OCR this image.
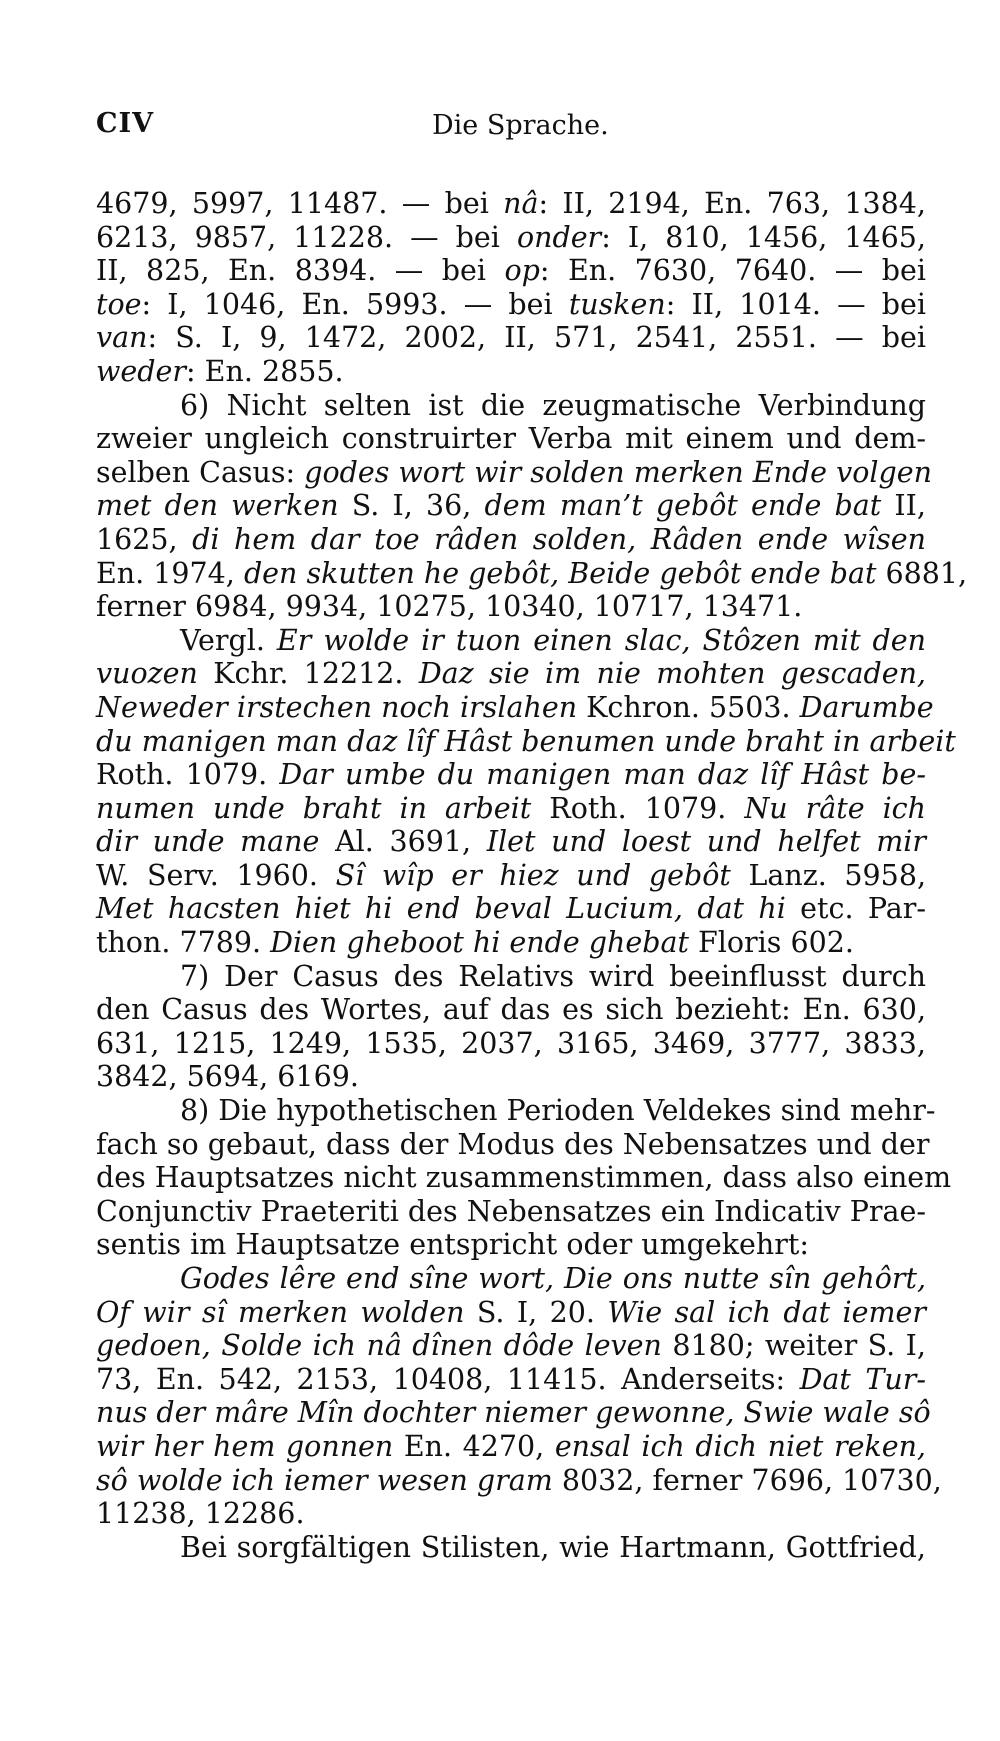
CIV	Die Sprache.
4679, 5997, 11487. — bei nâ: II, 2194, En. 763, 1384,
6213, 9857, 11228. — bei onder: I, 810, 1456, 1465,
II, 825, En. 8394. — bei op: En. 7630, 7640. — bei
toe: I, 1046, En. 5993. — bei tusken: II, 1014. — bei
van: S. I, 9, 1472, 2002, II, 571, 2541, 2551. — bei
weder: En. 2855.
6) Nicht selten ist die zeugmatische Verbindung
zweier ungleich construirter Verba mit einem und dem-
selben Casus: godes wort wir solden merken Ende volgen
met den werken S. I, 36, dem man’t gebôt ende bat II,
1625, di hem dar toe râden solden, Râden ende wîsen
En. 1974, den skutten he gebôt, Beide gebôt ende bat 6881,
ferner 6984, 9934, 10275, 10340, 10717, 13471.
Vergl. Er wolde ir tuon einen slac, Stôzen mit den
vuozen Kchr. 12212. Daz sie im nie mohten gescaden,
Neweder irstechen noch irslahen Kchron. 5503. Darumbe
du manigen man daz lîf Hâst benumen unde braht in arbeit
Roth. 1079. Dar umbe du manigen man daz lîf Hâst be-
numen unde braht in arbeit Roth. 1079. Nu râte ich
dir unde mane Al. 3691, Ilet und loest und helfet mir
W. Serv. 1960. Sî wîp er hiez und gebôt Lanz. 5958,
Met hacsten hiet hi end beval Lucium, dat hi etc. Par-
thon. 7789. Dien gheboot hi ende ghebat Floris 602.
7) Der Casus des Relativs wird beeinflusst durch
den Casus des Wortes, auf das es sich bezieht: En. 630,
631, 1215, 1249, 1535, 2037, 3165, 3469, 3777, 3833,
3842, 5694, 6169.
8) Die hypothetischen Perioden Veldekes sind mehr-
fach so gebaut, dass der Modus des Nebensatzes und der
des Hauptsatzes nicht zusammenstimmen, dass also einem
Conjunctiv Praeteriti des Nebensatzes ein Indicativ Prae-
sentis im Hauptsatze entspricht oder umgekehrt:
Godes lêre end sîne wort, Die ons nutte sîn gehôrt,
Of wir sî merken wolden S. I, 20. Wie sal ich dat iemer
gedoen, Solde ich nâ dînen dôde leven 8180; weiter S. I,
73, En. 542, 2153, 10408, 11415. Anderseits: Dat Tur-
nus der mâre Mîn dochter niemer gewonne, Swie wale sô
wir her hem gonnen En. 4270, ensal ich dich niet reken,
sô wolde ich iemer wesen gram 8032, ferner 7696, 10730,
11238, 12286.
Bei sorgfältigen Stilisten, wie Hartmann, Gottfried,
